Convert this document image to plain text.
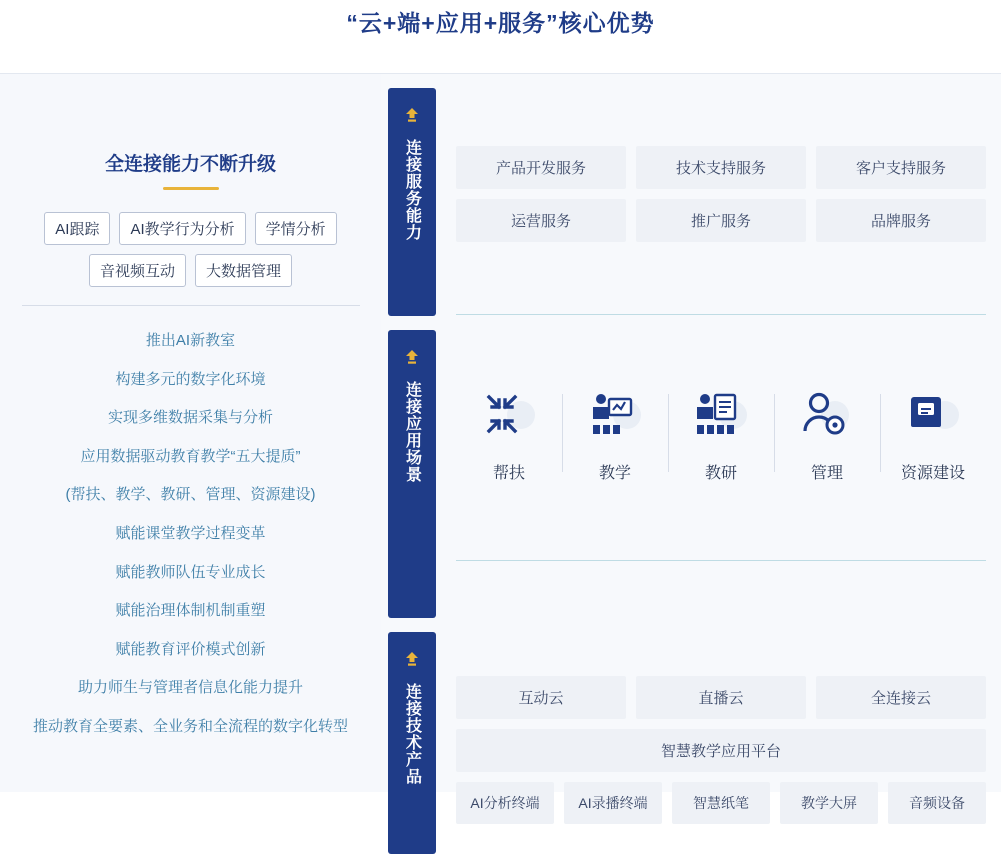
“云+端+应用+服务”核心优势
全连接能力不断升级
AI跟踪	AI教学行为分析	学情分析
音视频互动	大数据管理
推出AI新教室
构建多元的数字化环境
实现多维数据采集与分析
应用数据驱动教育教学“五大提质”
(帮扶、教学、教研、管理、资源建设)
赋能课堂教学过程变革
赋能教师队伍专业成长
赋能治理体制机制重塑
赋能教育评价模式创新
助力师生与管理者信息化能力提升
推动教育全要素、全业务和全流程的数字化转型
连接服务能力
连接应用场景
连接技术产品
产品开发服务	技术支持服务	客户支持服务
运营服务	推广服务	品牌服务
帮扶	教学	教研	管理	资源建设
互动云	直播云	全连接云
智慧教学应用平台
AI分析终端	AI录播终端	智慧纸笔	教学大屏	音频设备
